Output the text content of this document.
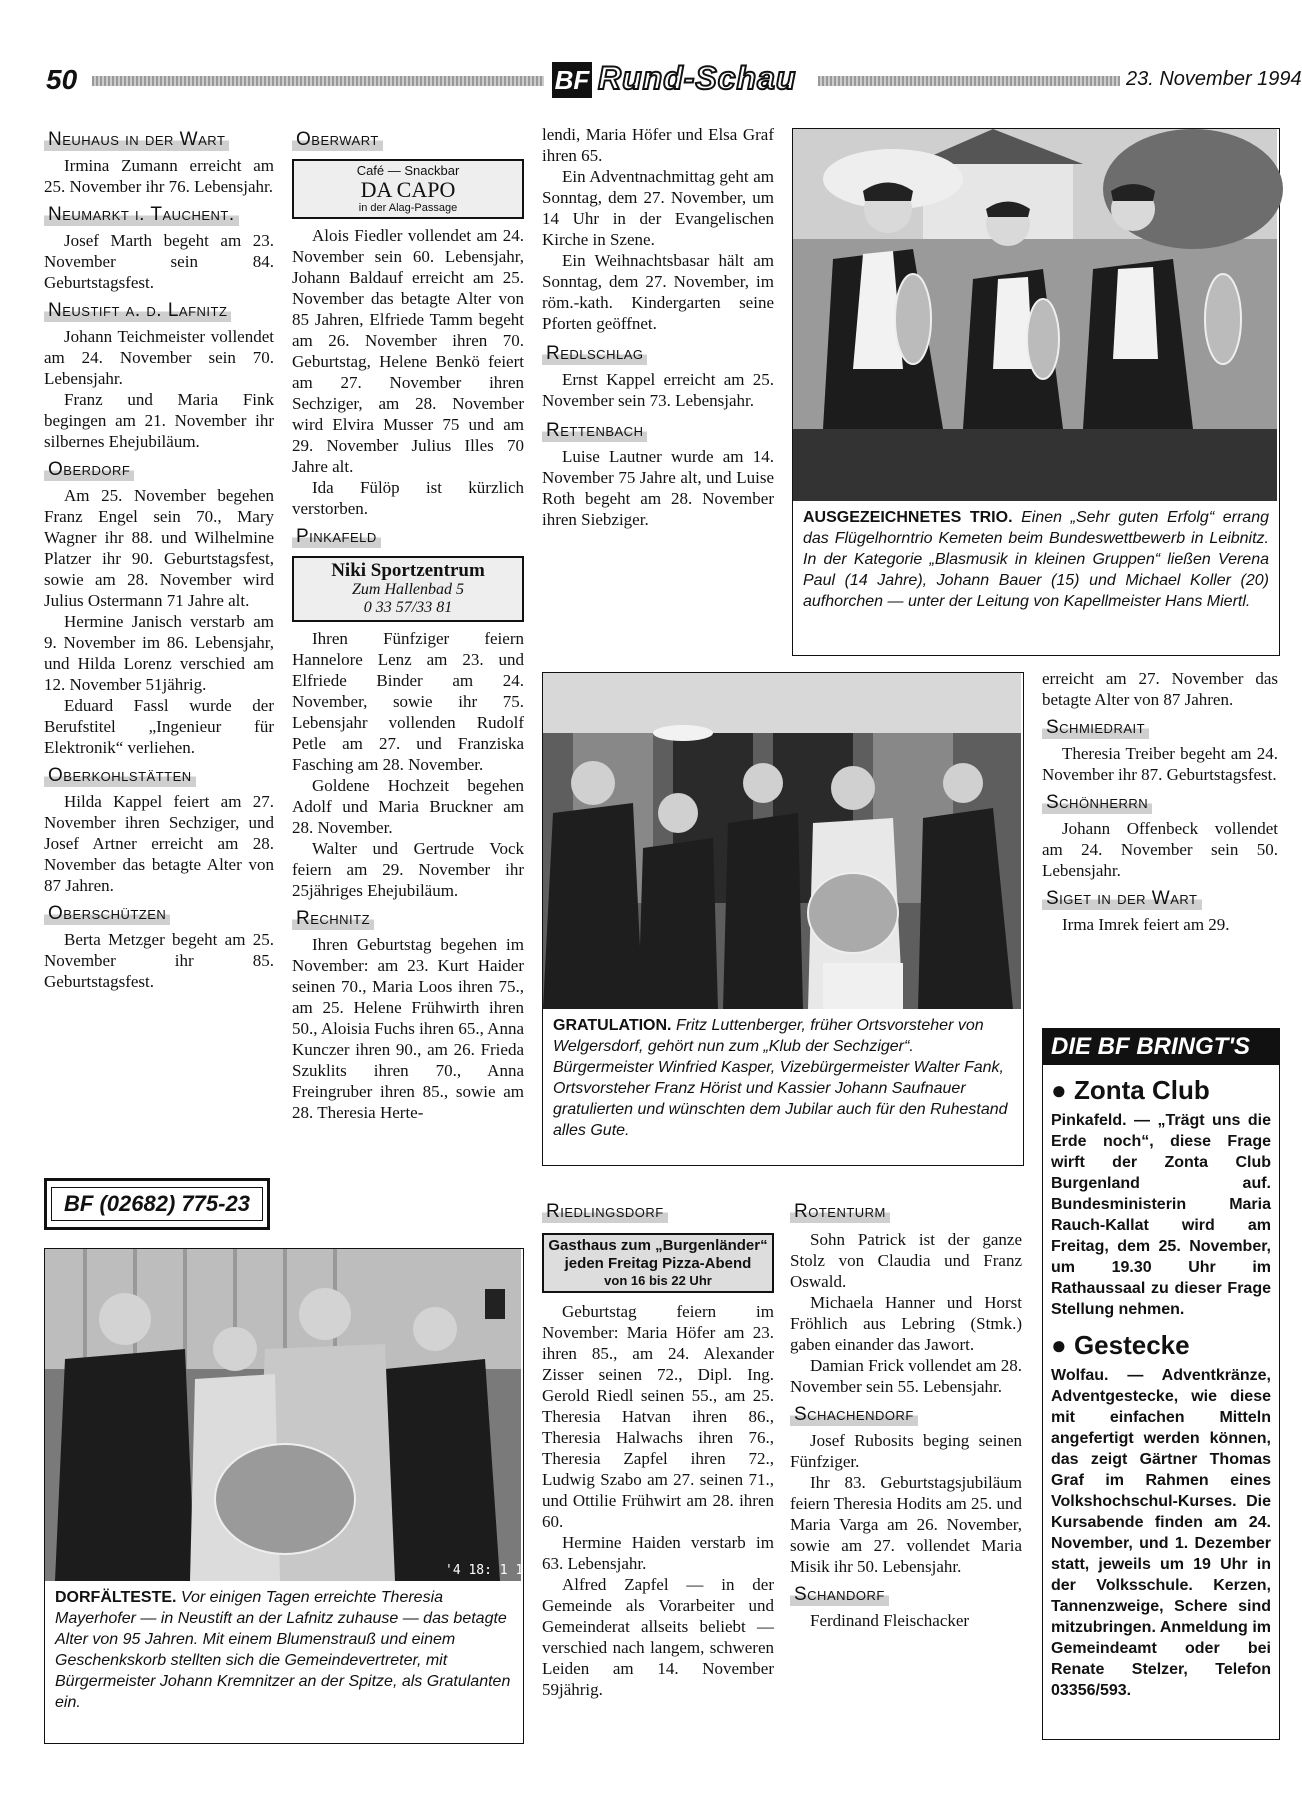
50	BF Rund-Schau	23. November 1994
Neuhaus in der Wart

Irmina Zumann erreicht am 25. November ihr 76. Lebensjahr.

Neumarkt i. Tauchent.

Josef Marth begeht am 23. November sein 84. Geburtstagsfest.

Neustift a. d. Lafnitz

Johann Teichmeister vollendet am 24. November sein 70. Lebensjahr.

Franz und Maria Fink begingen am 21. November ihr silbernes Ehejubiläum.

Oberdorf

Am 25. November begehen Franz Engel sein 70., Mary Wagner ihr 88. und Wilhelmine Platzer ihr 90. Geburtstagsfest, sowie am 28. November wird Julius Ostermann 71 Jahre alt.

Hermine Janisch verstarb am 9. November im 86. Lebensjahr, und Hilda Lorenz verschied am 12. November 51jährig.

Eduard Fassl wurde der Berufstitel „Ingenieur für Elektronik“ verliehen.

Oberkohlstätten

Hilda Kappel feiert am 27. November ihren Sechziger, und Josef Artner erreicht am 28. November das betagte Alter von 87 Jahren.

Oberschützen

Berta Metzger begeht am 25. November ihr 85. Geburtstagsfest.

BF (02682) 775-23
Oberwart
Café — Snackbar
DA CAPO
in der Alag-Passage

Alois Fiedler vollendet am 24. November sein 60. Lebensjahr, Johann Baldauf erreicht am 25. November das betagte Alter von 85 Jahren, Elfriede Tamm begeht am 26. November ihren 70. Geburtstag, Helene Benkö feiert am 27. November ihren Sechziger, am 28. November wird Elvira Musser 75 und am 29. November Julius Illes 70 Jahre alt.

Ida Fülöp ist kürzlich verstorben.

Pinkafeld
Niki Sportzentrum
Zum Hallenbad 5
0 33 57/33 81

Ihren Fünfziger feiern Hannelore Lenz am 23. und Elfriede Binder am 24. November, sowie ihr 75. Lebensjahr vollenden Rudolf Petle am 27. und Franziska Fasching am 28. November.

Goldene Hochzeit begehen Adolf und Maria Bruckner am 28. November.

Walter und Gertrude Vock feiern am 29. November ihr 25jähriges Ehejubiläum.

Rechnitz

Ihren Geburtstag begehen im November: am 23. Kurt Haider seinen 70., Maria Loos ihren 75., am 25. Helene Frühwirth ihren 50., Aloisia Fuchs ihren 65., Anna Kunczer ihren 90., am 26. Frieda Szuklits ihren 70., Anna Freingruber ihren 85., sowie am 28. Theresia Herte-

lendi, Maria Höfer und Elsa Graf ihren 65.

Ein Adventnachmittag geht am Sonntag, dem 27. November, um 14 Uhr in der Evangelischen Kirche in Szene.

Ein Weihnachtsbasar hält am Sonntag, dem 27. November, im röm.-kath. Kindergarten seine Pforten geöffnet.

Redlschlag

Ernst Kappel erreicht am 25. November sein 73. Lebensjahr.

Rettenbach

Luise Lautner wurde am 14. November 75 Jahre alt, und Luise Roth begeht am 28. November ihren Siebziger.	AUSGEZEICHNETES TRIO. Einen „Sehr guten Erfolg“ errang das Flügelhorntrio Kemeten beim Bundeswettbewerb in Leibnitz. In der Kategorie „Blasmusik in kleinen Gruppen“ ließen Verena Paul (14 Jahre), Johann Bauer (15) und Michael Koller (20) aufhorchen — unter der Leitung von Kapellmeister Hans Miertl.
GRATULATION. Fritz Luttenberger, früher Ortsvorsteher von Welgersdorf, gehört nun zum „Klub der Sechziger“. Bürgermeister Winfried Kasper, Vizebürgermeister Walter Fank, Ortsvorsteher Franz Hörist und Kassier Johann Saufnauer gratulierten und wünschten dem Jubilar auch für den Ruhestand alles Gute.

erreicht am 27. November das betagte Alter von 87 Jahren.

Schmiedrait

Theresia Treiber begeht am 24. November ihr 87. Geburtstagsfest.

Schönherrn

Johann Offenbeck vollendet am 24. November sein 50. Lebensjahr.

Siget in der Wart

Irma Imrek feiert am 29.

DIE BF BRINGT'S
● Zonta Club
Pinkafeld. — „Trägt uns die Erde noch“, diese Frage wirft der Zonta Club Burgenland auf. Bundesministerin Maria Rauch-Kallat wird am Freitag, dem 25. November, um 19.30 Uhr im Rathaussaal zu dieser Frage Stellung nehmen.
● Gestecke
Wolfau. — Adventkränze, Adventgestecke, wie diese mit einfachen Mitteln angefertigt werden können, das zeigt Gärtner Thomas Graf im Rahmen eines Volkshochschul-Kurses. Die Kursabende finden am 24. November, und 1. Dezember statt, jeweils um 19 Uhr in der Volksschule. Kerzen, Tannenzweige, Schere sind mitzubringen. Anmeldung im Gemeindeamt oder bei Renate Stelzer, Telefon 03356/593.
'4 18: 1 1
DORFÄLTESTE. Vor einigen Tagen erreichte Theresia Mayerhofer — in Neustift an der Lafnitz zuhause — das betagte Alter von 95 Jahren. Mit einem Blumenstrauß und einem Geschenkskorb stellten sich die Gemeindevertreter, mit Bürgermeister Johann Kremnitzer an der Spitze, als Gratulanten ein.
Riedlingsdorf
Gasthaus zum „Burgenländer“
jeden Freitag Pizza-Abend
von 16 bis 22 Uhr

Geburtstag feiern im November: Maria Höfer am 23. ihren 85., am 24. Alexander Zisser seinen 72., Dipl. Ing. Gerold Riedl seinen 55., am 25. Theresia Hatvan ihren 86., Theresia Halwachs ihren 76., Theresia Zapfel ihren 72., Ludwig Szabo am 27. seinen 71., und Ottilie Frühwirt am 28. ihren 60.

Hermine Haiden verstarb im 63. Lebensjahr.

Alfred Zapfel — in der Gemeinde als Vorarbeiter und Gemeinderat allseits beliebt — verschied nach langem, schweren Leiden am 14. November 59jährig.

Rotenturm

Sohn Patrick ist der ganze Stolz von Claudia und Franz Oswald.

Michaela Hanner und Horst Fröhlich aus Lebring (Stmk.) gaben einander das Jawort.

Damian Frick vollendet am 28. November sein 55. Lebensjahr.

Schachendorf

Josef Rubosits beging seinen Fünfziger.

Ihr 83. Geburtstagsjubiläum feiern Theresia Hodits am 25. und Maria Varga am 26. November, sowie am 27. vollendet Maria Misik ihr 50. Lebensjahr.

Schandorf

Ferdinand Fleischacker
